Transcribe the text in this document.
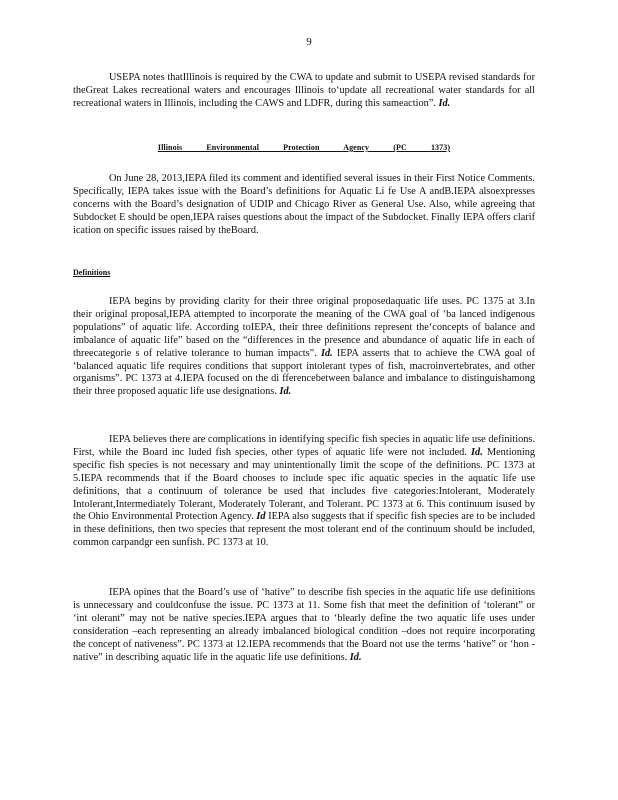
9

USEPA notes thatIllinois is required by the CWA to update and submit to USEPA revised standards for theGreat Lakes recreational waters and encourages Illinois to‘update all recreational water standards for all recreational waters in Illinois, including the CAWS and LDFR, during this sameaction”. Id.

Illinois Environmental Protection Agency (PC 1373)

On June 28, 2013,IEPA filed its comment and identified several issues in their First Notice Comments. Specifically, IEPA takes issue with the Board’s definitions for Aquatic Li fe Use A andB.IEPA alsoexpresses concerns with the Board’s designation of UDIP and Chicago River as General Use. Also, while agreeing that Subdocket E should be open,IEPA raises questions about the impact of the Subdocket. Finally IEPA offers clarif ication on specific issues raised by theBoard.

Definitions

IEPA begins by providing clarity for their three original proposedaquatic life uses. PC 1375 at 3.In their original proposal,IEPA attempted to incorporate the meaning of the CWA goal of ‘ba lanced indigenous populations” of aquatic life. According toIEPA, their three definitions represent the‘concepts of balance and imbalance of aquatic life” based on the “differences in the presence and abundance of aquatic life in each of threecategorie s of relative tolerance to human impacts”. Id. IEPA asserts that to achieve the CWA goal of ‘balanced aquatic life requires conditions that support intolerant types of fish, macroinvertebrates, and other organisms”. PC 1373 at 4.IEPA focused on the di fferencebetween balance and imbalance to distinguishamong their three proposed aquatic life use designations. Id.

IEPA believes there are complications in identifying specific fish species in aquatic life use definitions. First, while the Board inc luded fish species, other types of aquatic life were not included. Id. Mentioning specific fish species is not necessary and may unintentionally limit the scope of the definitions. PC 1373 at 5.IEPA recommends that if the Board chooses to include spec ific aquatic species in the aquatic life use definitions, that a continuum of tolerance be used that includes five categories:Intolerant, Moderately Intolerant,Intermediately Tolerant, Moderately Tolerant, and Tolerant. PC 1373 at 6. This continuum isused by the Ohio Environmental Protection Agency. Id IEPA also suggests that if specific fish species are to be included in these definitions, then two species that represent the most tolerant end of the continuum should be included, common carpandgr een sunfish. PC 1373 at 10.

IEPA opines that the Board’s use of ‘hative” to describe fish species in the aquatic life use definitions is unnecessary and couldconfuse the issue. PC 1373 at 11. Some fish that meet the definition of ‘tolerant” or ‘int olerant” may not be native species.IEPA argues that to ‘blearly define the two aquatic life uses under consideration –each representing an already imbalanced biological condition –does not require incorporating the concept of nativeness”. PC 1373 at 12.IEPA recommends that the Board not use the terms ‘hative” or ‘hon - native” in describing aquatic life in the aquatic life use definitions. Id.
